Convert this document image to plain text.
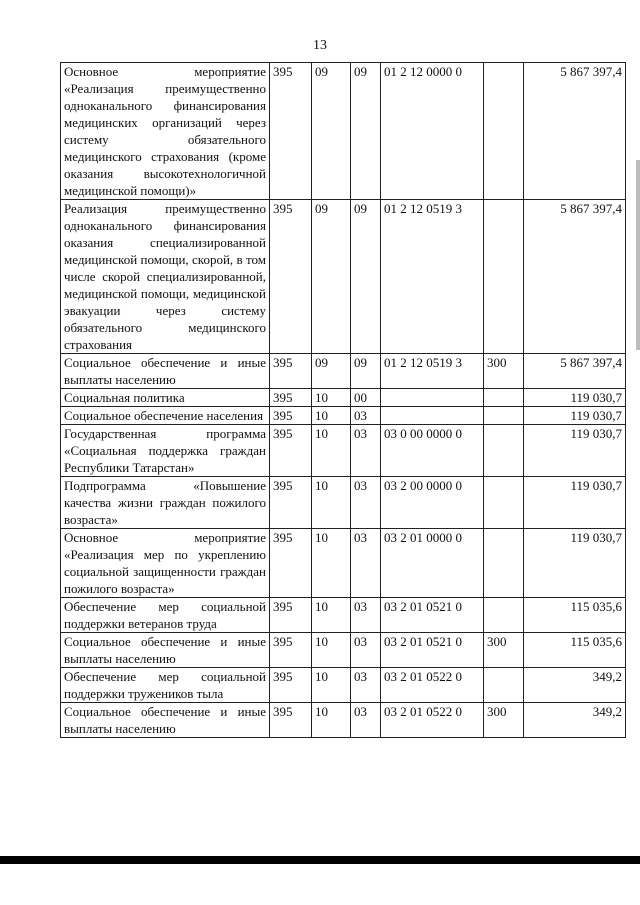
13
Основное мероприятие «Реализация преимущественно одноканального финансирования медицинских организаций через систему обязательного медицинского страхования (кроме оказания высокотехнологичной медицинской помощи)»	395	09	09	01 2 12 0000 0		5 867 397,4
Реализация преимущественно одноканального финансирования оказания специализированной медицинской помощи, скорой, в том числе скорой специализированной, медицинской помощи, медицинской эвакуации через систему обязательного медицинского страхования	395	09	09	01 2 12 0519 3		5 867 397,4
Социальное обеспечение и иные выплаты населению	395	09	09	01 2 12 0519 3	300	5 867 397,4
Социальная политика	395	10	00			119 030,7
Социальное обеспечение населения	395	10	03			119 030,7
Государственная программа «Социальная поддержка граждан Республики Татарстан»	395	10	03	03 0 00 0000 0		119 030,7
Подпрограмма «Повышение качества жизни граждан пожилого возраста»	395	10	03	03 2 00 0000 0		119 030,7
Основное мероприятие «Реализация мер по укреплению социальной защищенности граждан пожилого возраста»	395	10	03	03 2 01 0000 0		119 030,7
Обеспечение мер социальной поддержки ветеранов труда	395	10	03	03 2 01 0521 0		115 035,6
Социальное обеспечение и иные выплаты населению	395	10	03	03 2 01 0521 0	300	115 035,6
Обеспечение мер социальной поддержки тружеников тыла	395	10	03	03 2 01 0522 0		349,2
Социальное обеспечение и иные выплаты населению	395	10	03	03 2 01 0522 0	300	349,2
